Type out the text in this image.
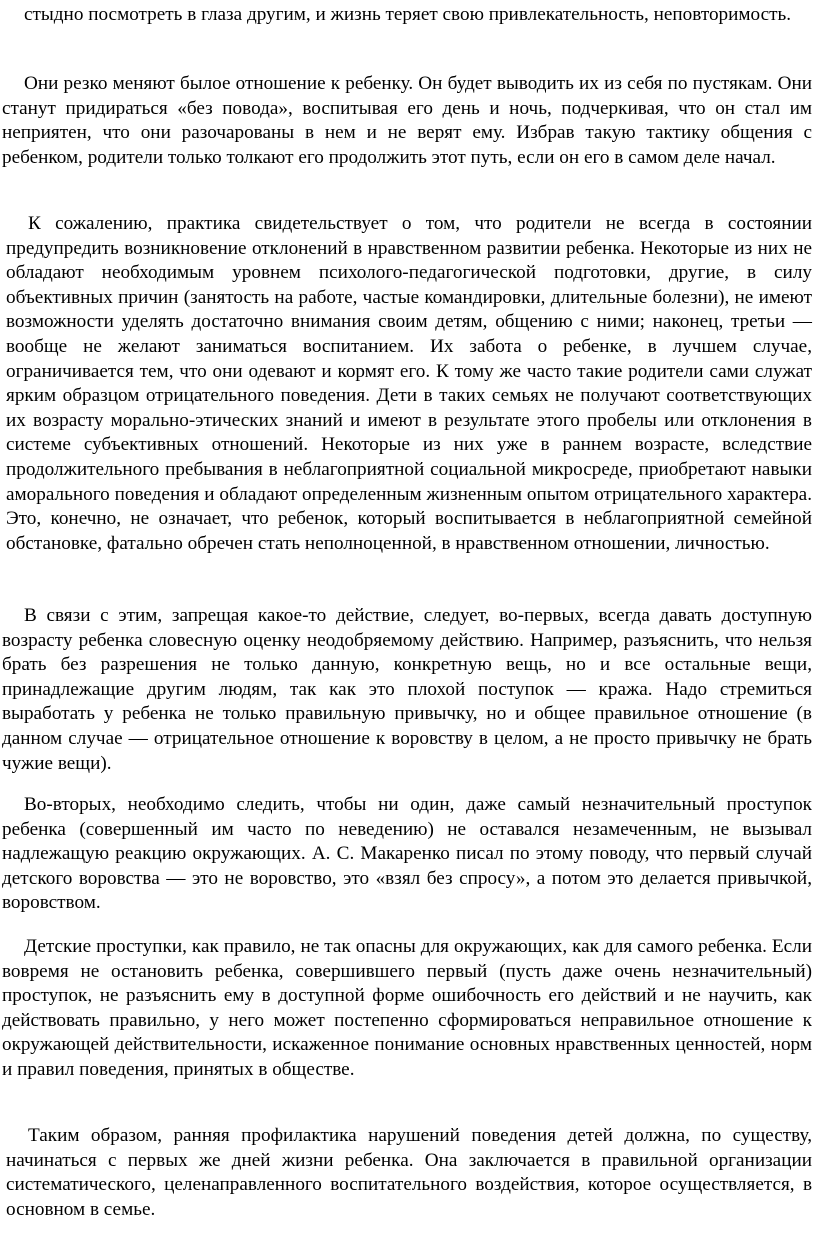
стыдно посмотреть в глаза другим, и жизнь теряет свою привлекательность, неповторимость.

Они резко меняют былое отношение к ребенку. Он будет выводить их из себя по пустякам. Они станут придираться «без повода», воспитывая его день и ночь, подчеркивая, что он стал им неприятен, что они разочарованы в нем и не верят ему. Избрав такую тактику общения с ребенком, родители только толкают его продолжить этот путь, если он его в самом деле начал.

К сожалению, практика свидетельствует о том, что родители не всегда в состоянии предупредить возникновение отклонений в нравственном развитии ребенка. Некоторые из них не обладают необходимым уровнем психолого-педагогической подготовки, другие, в силу объективных причин (занятость на работе, частые командировки, длительные болезни), не имеют возможности уделять достаточно внимания своим детям, общению с ними; наконец, третьи — вообще не желают заниматься воспитанием. Их забота о ребенке, в лучшем случае, ограничивается тем, что они одевают и кормят его. К тому же часто такие родители сами служат ярким образцом отрицательного поведения. Дети в таких семьях не получают соответствующих их возрасту морально-этических знаний и имеют в результате этого пробелы или отклонения в системе субъективных отношений. Некоторые из них уже в раннем возрасте, вследствие продолжительного пребывания в неблагоприятной социальной микросреде, приобретают навыки аморального поведения и обладают определенным жизненным опытом отрицательного характера. Это, конечно, не означает, что ребенок, который воспитывается в неблагоприятной семейной обстановке, фатально обречен стать неполноценной, в нравственном отношении, личностью.

В связи с этим, запрещая какое-то действие, следует, во-первых, всегда давать доступную возрасту ребенка словесную оценку неодобряемому действию. Например, разъяснить, что нельзя брать без разрешения не только данную, конкретную вещь, но и все остальные вещи, принадлежащие другим людям, так как это плохой поступок — кража. Надо стремиться выработать у ребенка не только правильную привычку, но и общее правильное отношение (в данном случае — отрицательное отношение к воровству в целом, а не просто привычку не брать чужие вещи).

Во-вторых, необходимо следить, чтобы ни один, даже самый незначительный проступок ребенка (совершенный им часто по неведению) не оставался незамеченным, не вызывал надлежащую реакцию окружающих. А. С. Макаренко писал по этому поводу, что первый случай детского воровства — это не воровство, это «взял без спросу», а потом это делается привычкой, воровством.

Детские проступки, как правило, не так опасны для окружающих, как для самого ребенка. Если вовремя не остановить ребенка, совершившего первый (пусть даже очень незначительный) проступок, не разъяснить ему в доступной форме ошибочность его действий и не научить, как действовать правильно, у него может постепенно сформироваться неправильное отношение к окружающей действительности, искаженное понимание основных нравственных ценностей, норм и правил поведения, принятых в обществе.

Таким образом, ранняя профилактика нарушений поведения детей должна, по существу, начинаться с первых же дней жизни ребенка. Она заключается в правильной организации систематического, целенаправленного воспитательного воздействия, которое осуществляется, в основном в семье.
